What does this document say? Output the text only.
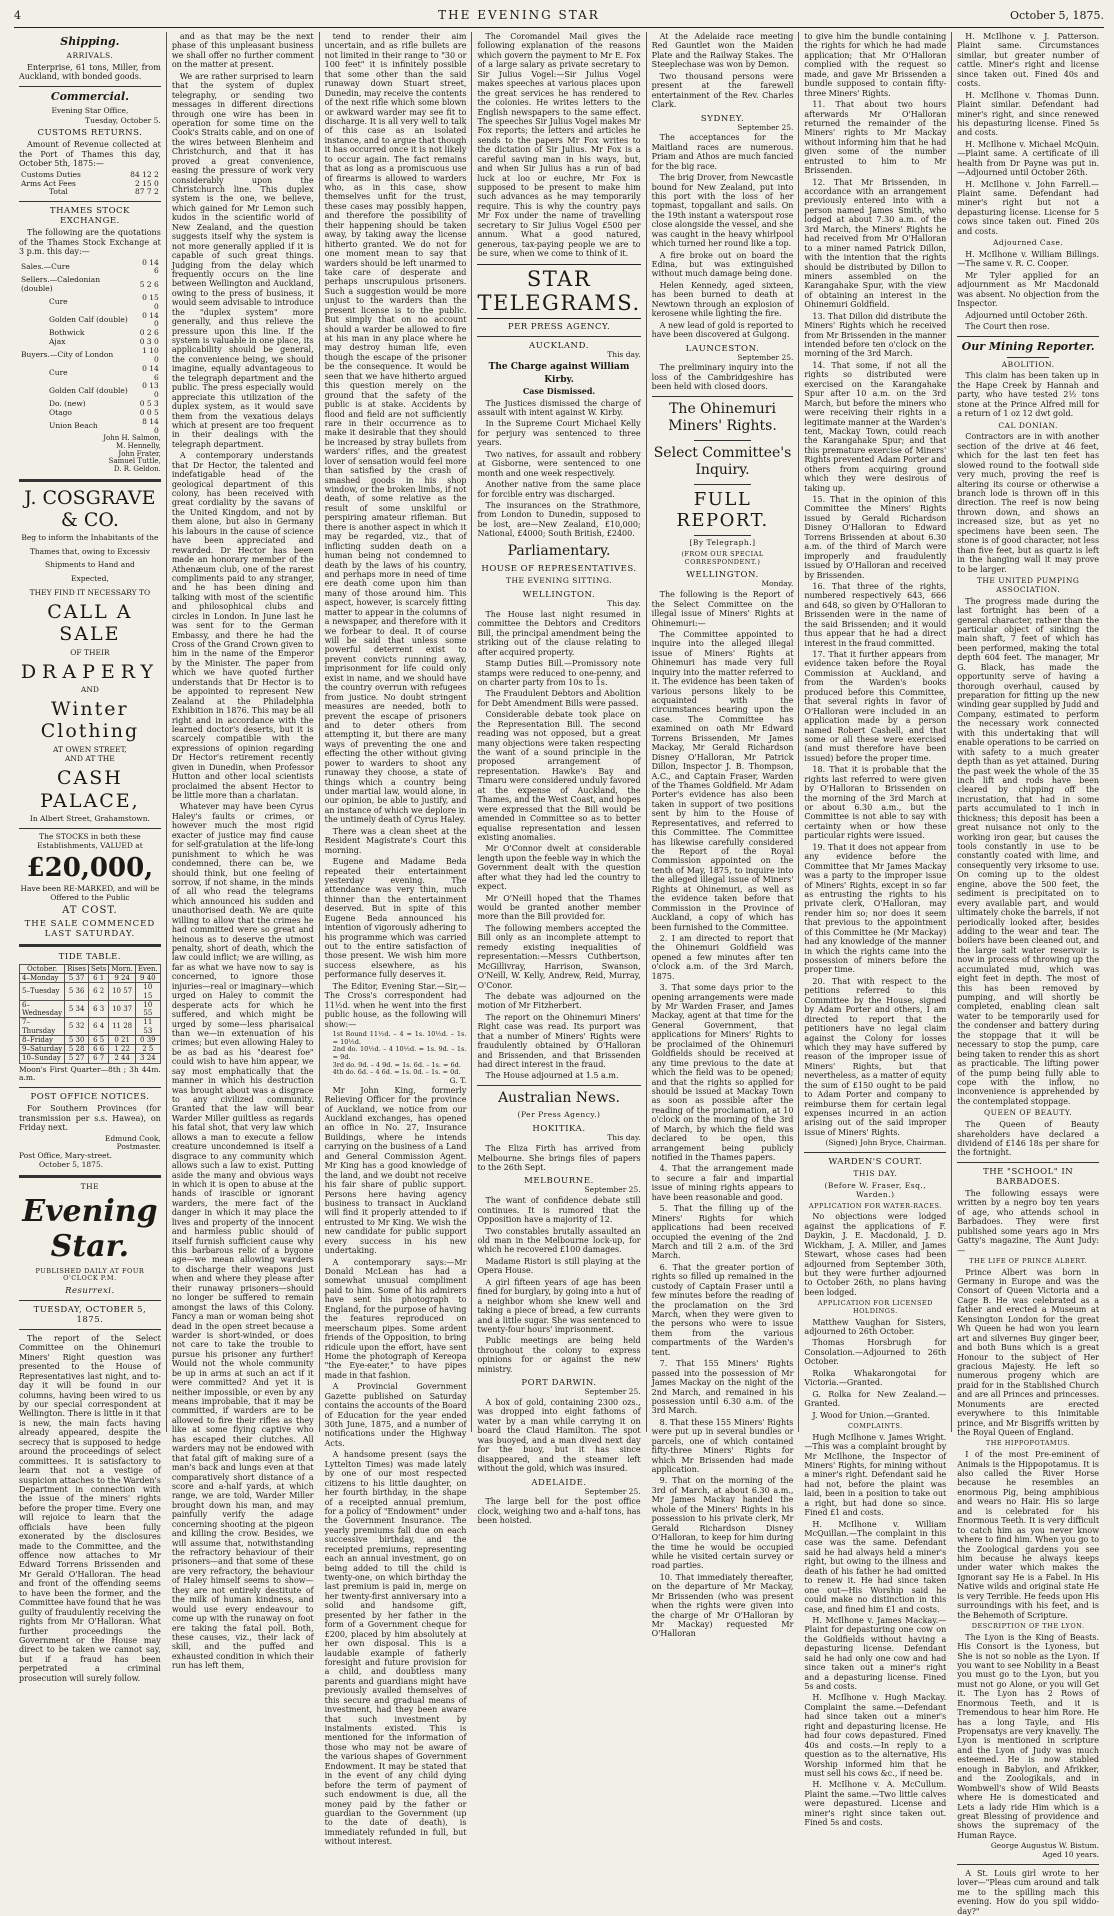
4	THE EVENING STAR	October 5, 1875.
Shipping.
ARRIVALS.

Enterprise, 61 tons, Miller, from Auckland, with bonded goods.

Commercial.
Evening Star Office,
Tuesday, October 5.
CUSTOMS RETURNS.

Amount of Revenue collected at the Port of Thames this day, October 5th, 1875:—

Customs Duties	84 12 2
Arms Act Fees	2 15 0
Total	87 7 2
THAMES STOCK EXCHANGE.

The following are the quotations of the Thames Stock Exchange at 3 p.m. this day:—

Sales.—Cure	0 14 6
Sellers.—Caledonian (double)	5 2 6
Cure	0 15 0
Golden Calf (double)	0 14 0
Bothwick	0 2 6
Ajax	0 3 0
Buyers.—City of London	1 10 0
Cure	0 14 6
Golden Calf (double)	0 13 0
Do. (new)	0 5 3
Otago	0 0 5
Union Beach	8 14 0
John H. Salmon,
M. Hennelly,
John Frater,
Samuel Tuttle,
D. R. Geldon.
J. COSGRAVE & CO.
Beg to inform the Inhabitants of the
Thames that, owing to Excessiv
Shipments to Hand and
Expected,
THEY FIND IT NECESSARY TO
CALL A SALE
OF THEIR
DRAPERY
AND
Winter Clothing
AT OWEN STREET,
AND AT THE
CASH PALACE,
In Albert Street, Grahamstown.
The STOCKS in both these Establishments, VALUED at
£20,000,
Have been RE-MARKED, and will be Offered to the Public
AT COST.
THE SALE COMMENCED LAST SATURDAY.
TIDE TABLE.
October.	Rises	Sets	Morn.	Even.
4–Monday	5 37	6 1	9 24	9 40
5–Tuesday	5 36	6 2	10 57	10 15
6–Wednesday	5 34	6 3	10 37	10 55
7–Thursday	5 32	6 4	11 28	11 53
8–Friday	5 30	6 5	0 21	0 39
9–Saturday	5 28	6 6	1 22	2 5
10–Sunday	5 27	6 7	2 44	3 24
Moon's First Quarter—8th ; 3h 44m. a.m.
POST OFFICE NOTICES.

For Southern Provinces (for transmission per s.s. Hawea), on Friday next.

Edmund Cook,
Postmaster.
Post Office, Mary-street.
October 5, 1875.
THE
Evening Star.
PUBLISHED DAILY AT FOUR O'CLOCK P.M.
Resurrexi.
TUESDAY, OCTOBER 5, 1875.

The report of the Select Committee on the Ohinemuri Miners' Right question was presented to the House of Representatives last night, and to-day it will be found in our columns, having been wired to us by our special correspondent at Wellington. There is little in it that is new, the main facts having already appeared, despite the secrecy that is supposed to hedge around the proceedings of select committees. It is satisfactory to learn that not a vestige of suspicion attaches to the Warden's Department in connection with the issue of the miners' rights before the proper time. Every one will rejoice to learn that the officials have been fully exonerated by the disclosures made to the Committee, and the offence now attaches to Mr Edward Torrens Brissenden and Mr Gerald O'Halloran. The head and front of the offending seems to have been the former, and the Committee have found that he was guilty of fraudulently receiving the rights from Mr O'Halloran. What further proceedings the Government or the House may direct to be taken we cannot say, but if a fraud has been perpetrated a criminal prosecution will surely follow.

and as that may be the next phase of this unpleasant business we shall offer no further comment on the matter at present.

We are rather surprised to learn that the system of duplex telegraphy, or sending two messages in different directions through one wire has been in operation for some time on the Cook's Straits cable, and on one of the wires between Blenheim and Christchurch, and that it has proved a great convenience, easing the pressure of work very considerably upon the Christchurch line. This duplex system is the one, we believe, which gained for Mr Lemon such kudos in the scientific world of New Zealand, and the question suggests itself why the system is not more generally applied if it is capable of such great things. Judging from the delay which frequently occurs on the line between Wellington and Auckland, owing to the press of business, it would seem advisable to introduce the "duplex system" more generally, and thus relieve the pressure upon this line. If the system is valuable in one place, its applicability should be general, the convenience being, we should imagine, equally advantageous to the telegraph department and the public. The press especially would appreciate this utilization of the duplex system, as it would save them from the vexatious delays which at present are too frequent in their dealings with the telegraph department.

A contemporary understands that Dr Hector, the talented and indefatigable head of the geological department of this colony, has been received with great cordiality by the savans of the United Kingdom, and not by them alone, but also in Germany his labours in the cause of science have been appreciated and rewarded. Dr Hector has been made an honorary member of the Athenæum club, one of the rarest compliments paid to any stranger, and he has been dining and talking with most of the scientific and philosophical clubs and circles in London. In June last he was sent for to the German Embassy, and there he had the Cross of the Grand Crown given to him in the name of the Emperor by the Minister. The paper from which we have quoted further understands that Dr Hector is to be appointed to represent New Zealand at the Philadelphia Exhibition in 1876. This may be all right and in accordance with the learned doctor's deserts, but it is scarcely compatible with the expressions of opinion regarding Dr Hector's retirement recently given in Dunedin, when Professor Hutton and other local scientists proclaimed the absent Hector to be little more than a charlatan.

Whatever may have been Cyrus Haley's faults or crimes, or however much the most rigid exacter of justice may find cause for self-gratulation at the life-long punishment to which he was condemned, there can be, we should think, but one feeling of sorrow, if not shame, in the minds of all who read the telegrams which announced his sudden and unauthorised death. We are quite willing to allow that the crimes he had committed were so great and heinous as to deserve the utmost penalty, short of death, which the law could inflict; we are willing, as far as what we have now to say is concerned, to ignore those injuries—real or imaginary—which urged on Haley to commit the desperate acts for which he suffered, and which might be urged by some—less pharisaical than we—in extenuation of his crimes; but even allowing Haley to be as bad as his "dearest foe" could wish to have him appear, we say most emphatically that the manner in which his destruction was brought about was a disgrace to any civilized community. Granted that the law will bear Warder Miller guiltless as regards his fatal shot, that very law which allows a man to execute a fellow creature uncondemned is itself a disgrace to any community which allows such a law to exist. Putting aside the many and obvious ways in which it is open to abuse at the hands of irascible or ignorant warders, the mere fact of the danger in which it may place the lives and property of the innocent and harmless public should of itself furnish sufficient cause why this barbarous relic of a bygone age—we mean allowing warders to discharge their weapons just when and where they please after their runaway prisoners—should no longer be suffered to remain amongst the laws of this Colony. Fancy a man or woman being shot dead in the open street because a warder is short-winded, or does not care to take the trouble to pursue his prisoner any further! Would not the whole community be up in arms at such an act if it were committed? And yet it is neither impossible, or even by any means improbable, that it may be committed, if warders are to be allowed to fire their rifles as they like at some flying captive who has escaped their clutches. All warders may not be endowed with that fatal gift of making sure of a man's back and lungs even at that comparatively short distance of a score and a-half yards, at which range, we are told, Warder Miller brought down his man, and may painfully verify the adage concerning shooting at the pigeon and killing the crow. Besides, we will assume that, notwithstanding the refractory behaviour of their prisoners—and that some of these are very refractory, the behaviour of Haley himself seems to show—they are not entirely destitute of the milk of human kindness, and would use every endeavour to come up with the runaway on foot ere taking the fatal poll. Both, these causes, viz., their lack of skill, and the puffed and exhausted condition in which their run has left them,

tend to render their aim uncertain, and as rifle bullets are not limited in their range to "30 or 100 feet" it is infinitely possible that some other than the said runaway down Stuart street, Dunedin, may receive the contents of the next rifle which some blown or awkward warder may see fit to discharge. It is all very well to talk of this case as an isolated instance, and to argue that though it has occurred once it is not likely to occur again. The fact remains that as long as a promiscuous use of firearms is allowed to warders who, as in this case, show themselves unfit for the trust, these cases may possibly happen, and therefore the possibility of their happening should be taken away, by taking away the license hitherto granted. We do not for one moment mean to say that warders should be left unarmed to take care of desperate and perhaps unscrupulous prisoners. Such a suggestion would be more unjust to the warders than the present license is to the public. But simply that on no account should a warder be allowed to fire at his man in any place where he may destroy human life, even though the escape of the prisoner be the consequence. It would be seen that we have hitherto argued this question merely on the ground that the safety of the public is at stake. Accidents by flood and field are not sufficiently rare in their occurrence as to make it desirable that they should be increased by stray bullets from warders' rifles, and the greatest lover of sensation would feel more than satisfied by the crash of smashed goods in his shop window, or the broken limbs, if not death, of some relative as the result of some unskilful or perspiring amateur rifleman. But there is another aspect in which it may be regarded, viz., that of inflicting sudden death on a human being not condemned to death by the laws of his country, and perhaps more in need of time ere death come upon him than many of those around him. This aspect, however, is scarcely fitting matter to appear in the columns of a newspaper, and therefore with it we forbear to deal. It of course will be said that unless some powerful deterrent exist to prevent convicts running away, imprisonment for life could only exist in name, and we should have the country overrun with refugees from justice. No doubt stringent measures are needed, both to prevent the escape of prisoners and to deter others from attempting it, but there are many ways of preventing the one and effecting the other without giving power to warders to shoot any runaway they choose, a state of things which a country being under martial law, would alone, in our opinion, be able to justify, and an instance of which we deplore in the untimely death of Cyrus Haley.

There was a clean sheet at the Resident Magistrate's Court this morning.

Eugene and Madame Beda repeated their entertainment yesterday evening. The attendance was very thin, much thinner than the entertainment deserved. But in spite of this Eugene Beda announced his intention of vigorously adhering to his programme which was carried out to the entire satisfaction of those present. We wish him more success elsewhere, as his performance fully deserves it.

The Editor, Evening Star.—Sir,—The Cross's correspondent had 11½d. when he went into the first public house, as the following will show:—

1st Round 11½d. – 4 = 1s. 10½d. – 1s. = 10½d.
2nd do. 10½d. – 4 10½d. = 1s. 9d. – 1s. = 9d.
3rd do. 9d. – 4 9d. = 1s. 6d. – 1s. = 6d.
4th do. 6d. – 4 6d. = 1s. 0d. – 1s. = 0d.
G. T.

Mr John King, formerly Relieving Officer for the province of Auckland, we notice from our Auckland exchanges, has opened an office in No. 27, Insurance Buildings, where he intends carrying on the business of a Land and General Commission Agent. Mr King has a good knowledge of the land, and we doubt not receive his fair share of public support. Persons here having agency business to transact in Auckland will find it properly attended to if entrusted to Mr King. We wish the new candidate for public support every success in his new undertaking.

A contemporary says:—Mr Donald McLean has had a somewhat unusual compliment paid to him. Some of his admirers have sent his photograph to England, for the purpose of having the features reproduced on meerschaum pipes. Some ardent friends of the Opposition, to bring ridicule upon the effort, have sent Home the photograph of Kereopa "the Eye-eater," to have pipes made in that fashion.

A Provincial Government Gazette published on Saturday contains the accounts of the Board of Education for the year ended 30th June, 1875, and a number of notifications under the Highway Acts.

A handsome present (says the Lyttelton Times) was made lately by one of our most respected citizens to his little daughter, on her fourth birthday, in the shape of a receipted annual premium, for a policy of "Endowment" under the Government Insurance. The yearly premiums fall due on each successive birthday, and the receipted premiums, representing each an annual investment, go on being added to till the child is twenty-one, on which birthday the last premium is paid in, merge on her twenty-first anniversary into a solid and handsome gift, presented by her father in the form of a Government cheque for £200, placed by him absolutely at her own disposal. This is a laudable example of fatherly foresight and future provision for a child, and doubtless many parents and guardians might have previously availed themselves of this secure and gradual means of investment, had they been aware that such investment by instalments existed. This is mentioned for the information of those who may not be aware of the various shapes of Government Endowment. It may be stated that in the event of any child dying before the term of payment of such endowment is due, all the money paid by the father or guardian to the Government (up to the date of death), is immediately refunded in full, but without interest.

The Coromandel Mail gives the following explanation of the reasons which govern the payment to Mr E. Fox of a large salary as private secretary to Sir Julius Vogel:—Sir Julius Vogel makes speeches at various places upon the great services he has rendered to the colonies. He writes letters to the English newspapers to the same effect. The speeches Sir Julius Vogel makes Mr Fox reports; the letters and articles he sends to the papers Mr Fox writes to the dictation of Sir Julius. Mr Fox is a careful saving man in his ways, but, and when Sir Julius has a run of bad luck at loo or euchre, Mr Fox is supposed to be present to make him such advances as he may temporarily require. This is why the country pays Mr Fox under the name of travelling secretary to Sir Julius Vogel £500 per annum. What a good natured, generous, tax-paying people we are to be sure, when we come to think of it.

STAR TELEGRAMS.
PER PRESS AGENCY.
AUCKLAND.
This day.
The Charge against William
Kirby.
Case Dismissed.

The Justices dismissed the charge of assault with intent against W. Kirby.

In the Supreme Court Michael Kelly for perjury was sentenced to three years.

Two natives, for assault and robbery at Gisborne, were sentenced to one month and one week respectively.

Another native from the same place for forcible entry was discharged.

The insurances on the Strathmore, from London to Dunedin, supposed to be lost, are—New Zealand, £10,000; National, £4000; South British, £2400.

Parliamentary.
HOUSE OF REPRESENTATIVES.
THE EVENING SITTING.
WELLINGTON.
This day.

The House last night resumed in committee the Debtors and Creditors Bill, the principal amendment being the striking out of the clause relating to after acquired property.

Stamp Duties Bill.—Promissory note stamps were reduced to one-penny, and on charter party from 10s to 1s.

The Fraudulent Debtors and Abolition for Debt Amendment Bills were passed.

Considerable debate took place on the Representation Bill. The second reading was not opposed, but a great many objections were taken respecting the want of a sound principle in the proposed arrangement of representation. Hawke's Bay and Timaru were considered unduly favored at the expense of Auckland, the Thames, and the West Coast, and hopes were expressed that the Bill would be amended in Committee so as to better equalise representation and lessen existing anomalies.

Mr O'Connor dwelt at considerable length upon the feeble way in which the Government dealt with the question after what they had led the country to expect.

Mr O'Neill hoped that the Thames would be granted another member more than the Bill provided for.

The following members accepted the Bill only as an incomplete attempt to remedy existing inequalities of representation:—Messrs Cuthbertson, McGillivray, Harrison, Swanson, O'Neill, W. Kelly, Andrew, Reid, Murray, O'Conor.

The debate was adjourned on the motion of Mr Fitzherbert.

The report on the Ohinemuri Miners' Right case was read. Its purport was that a number of Miners' Rights were fraudulently obtained by O'Halloran and Brissenden, and that Brissenden had direct interest in the fraud.

The House adjourned at 1.5 a.m.

Australian News.
(Per Press Agency.)
HOKITIKA.
This day.

The Eliza Firth has arrived from Melbourne. She brings files of papers to the 26th Sept.

MELBOURNE.
September 25.

The want of confidence debate still continues. It is rumored that the Opposition have a majority of 12.

Two constables brutally assaulted an old man in the Melbourne lock-up, for which he recovered £100 damages.

Madame Ristori is still playing at the Opera House.

A girl fifteen years of age has been fined for burglary, by going into a hut of a neighbor whom she knew well and taking a piece of bread, a few currants and a little sugar. She was sentenced to twenty-four hours' imprisonment.

Public meetings are being held throughout the colony to express opinions for or against the new ministry.

PORT DARWIN.
September 25.

A box of gold, containing 2300 ozs., was dropped into eight fathoms of water by a man while carrying it on board the Claud Hamilton. The spot was buoyed, and a man dived next day for the buoy, but it has since disappeared, and the steamer left without the gold, which was insured.

ADELAIDE.
September 25.

The large bell for the post office clock, weighing two and a-half tons, has been hoisted.

At the Adelaide race meeting Red Gauntlet won the Maiden Plate and the Railway Stakes. The Steeplechase was won by Demon.

Two thousand persons were present at the farewell entertainment of the Rev. Charles Clark.

SYDNEY.
September 25.

The acceptances for the Maitland races are numerous. Priam and Athos are much fancied for the big race.

The brig Drover, from Newcastle bound for New Zealand, put into this port with the loss of her topmast, topgallant and sails. On the 19th instant a waterspout rose close alongside the vessel, and she was caught in the heavy whirlpool which turned her round like a top.

A fire broke out on board the Edina, but was extinguished without much damage being done.

Helen Kennedy, aged sixteen, has been burned to death at Newtown through an explosion of kerosene while lighting the fire.

A new lead of gold is reported to have been discovered at Gulgong.

LAUNCESTON.
September 25.

The preliminary inquiry into the loss of the Cambridgeshire has been held with closed doors.

The Ohinemuri Miners' Rights.
Select Committee's Inquiry.
FULL REPORT.
[By Telegraph.]
(FROM OUR SPECIAL CORRESPONDENT.)
WELLINGTON.
Monday.

The following is the Report of the Select Committee on the illegal issue of Miners' Rights at Ohinemuri:—

The Committee appointed to inquire into the alleged illegal issue of Miners' Rights at Ohinemuri has made very full inquiry into the matter referred to it. The evidence has been taken of various persons likely to be acquainted with the circumstances bearing upon the case. The Committee has examined on oath Mr Edward Torrens Brissenden, Mr James Mackay, Mr Gerald Richardson Disney O'Halloran, Mr Patrick Dillon, Inspector J. B. Thompson, A.C., and Captain Fraser, Warden of the Thames Goldfield. Mr Adam Porter's evidence has also been taken in support of two positions sent by him to the House of Representatives, and referred to this Committee. The Committee has likewise carefully considered the Report of the Royal Commission appointed on the tenth of May, 1875, to inquire into the alleged illegal issue of Miners' Rights at Ohinemuri, as well as the evidence taken before that Commission in the Province of Auckland, a copy of which has been furnished to the Committee.

2. I am directed to report that the Ohinemuri Goldfield was opened a few minutes after ten o'clock a.m. of the 3rd March, 1875.

3. That some days prior to the opening arrangements were made by Mr Warden Fraser, and James Mackay, agent at that time for the General Government, that applications for Miners' Rights to be proclaimed of the Ohinemuri Goldfields should be received at any time previous to the date at which the field was to be opened; and that the rights so applied for should be issued at Mackay Town as soon as possible after the reading of the proclamation, at 10 o'clock on the morning of the 3rd of March, by which the field was declared to be open, this arrangement being publicly notified in the Thames papers.

4. That the arrangement made to secure a fair and impartial issue of mining rights appears to have been reasonable and good.

5. That the filling up of the Miners' Rights for which applications had been received occupied the evening of the 2nd March and till 2 a.m. of the 3rd March.

6. That the greater portion of rights so filled up remained in the custody of Captain Fraser until a few minutes before the reading of the proclamation on the 3rd March, when they were given to the persons who were to issue them from the various compartments of the Warden's tent.

7. That 155 Miners' Rights passed into the possession of Mr James Mackay on the night of the 2nd March, and remained in his possession until 6.30 a.m. of the 3rd March.

8. That these 155 Miners' Rights were put up in several bundles or parcels, one of which contained fifty-three Miners' Rights for which Mr Brissenden had made application.

9. That on the morning of the 3rd of March, at about 6.30 a.m., Mr James Mackay handed the whole of the Miners' Rights in his possession to his private clerk, Mr Gerald Richardson Disney O'Halloran, to keep for him during the time he would be occupied while he visited certain survey or road parties.

10. That immediately thereafter, on the departure of Mr Mackay, Mr Brissenden (who was present when the rights were given into the charge of Mr O'Halloran by Mr Mackay) requested Mr O'Halloran

to give him the bundle containing the rights for which he had made application; that Mr O'Halloran complied with the request so made, and gave Mr Brissenden a bundle supposed to contain fifty-three Miners' Rights.

11. That about two hours afterwards Mr O'Halloran returned the remainder of the Miners' rights to Mr Mackay without informing him that he had given some of the number entrusted to him to Mr Brissenden.

12. That Mr Brissenden, in accordance with an arrangement previously entered into with a person named James Smith, who lodged at about 7.30 a.m. of the 3rd March, the Miners' Rights he had received from Mr O'Halloran to a miner named Patrick Dillon, with the intention that the rights should be distributed by Dillon to miners assembled on the Karangahake Spur, with the view of obtaining an interest in the Ohinemuri Goldfield.

13. That Dillon did distribute the Miners' Rights which he received from Mr Brissenden in the manner intended before ten o'clock on the morning of the 3rd March.

14. That some, if not all the rights so distributed were exercised on the Karangahake Spur after 10 a.m. on the 3rd March, but before the miners who were receiving their rights in a legitimate manner at the Warden's tent, Mackay Town, could reach the Karangahake Spur; and that this premature exercise of Miners' Rights prevented Adam Porter and others from acquiring ground which they were desirous of taking up.

15. That in the opinion of this Committee the Miners' Rights issued by Gerald Richardson Disney O'Halloran to Edward Torrens Brissenden at about 6.30 a.m. of the third of March were improperly and fraudulently issued by O'Halloran and received by Brissenden.

16. That three of the rights, numbered respectively 643, 666 and 648, so given by O'Halloran to Brissenden were in the name of the said Brissenden; and it would thus appear that he had a direct interest in the fraud committed.

17. That it further appears from evidence taken before the Royal Commission at Auckland, and from the Warden's books produced before this Committee, that several rights in favor of O'Halloran were included in an application made by a person named Robert Cashell, and that some or all these were exercised (and must therefore have been issued) before the proper time.

18. That it is probable that the rights last referred to were given by O'Halloran to Brissenden on the morning of the 3rd March at or about 6.30 a.m., but the Committee is not able to say with certainty when or how these particular rights were issued.

19. That it does not appear from any evidence before the Committee that Mr James Mackay was a party to the improper issue of Miners' Rights, except in so far as entrusting the rights to his private clerk, O'Halloran, may render him so; nor does it seem that previous to the appointment of this Committee he (Mr Mackay) had any knowledge of the manner in which the rights came into the possession of miners before the proper time.

20. That with respect to the petitions referred to this Committee by the House, signed by Adam Porter and others, I am directed to report that the petitioners have no legal claim against the Colony for losses which they may have suffered by reason of the improper issue of Miners' Rights, but that nevertheless, as a matter of equity the sum of £150 ought to be paid to Adam Porter and company to reimburse them for certain legal expenses incurred in an action arising out of the said improper issue of Miners' Rights.

(Signed) John Bryce, Chairman.
WARDEN'S COURT.
THIS DAY.
(Before W. Fraser, Esq., Warden.)
APPLICATION FOR WATER-RACES.

No objections were lodged against the applications of F. Daykin, J. E. Macdonald, J. D. Wickham, J. A. Miller, and James Stewart, whose cases had been adjourned from September 30th, but they were further adjourned to October 26th, no plans having been lodged.

APPLICATION FOR LICENSED HOLDINGS.

Matthew Vaughan for Sisters, adjourned to 26th October.

Thomas Horsbrugh for Consolation.—Adjourned to 26th October.

Rolka Whakarongotai for Victoria.—Granted.

G. Rolka for New Zealand.—Granted.

J. Wood for Union.—Granted.

COMPLAINTS.

Hugh McIlhone v. James Wright.—This was a complaint brought by Mr McIlhone, the Inspector of Miners' Rights, for mining without a miner's right. Defendant said he had not, before the plaint was laid, been in a position to take out a right, but had done so since. Fined £1 and costs.

H. McIlhone v. William McQuillan.—The complaint in this case was the same. Defendant said he had always held a miner's right, but owing to the illness and death of his father he had omitted to renew it. He had since taken one out—His Worship said he could make no distinction in this case, and fined him £1 and costs.

H. McIlhone v. James Mackay.—Plaint for depasturing one cow on the Goldfields without having a depasturing license. Defendant said he had only one cow and had since taken out a miner's right and a depasturing license. Fined 5s and costs.

H. McIlhone v. Hugh Mackay. Complaint the same.—Defendant had since taken out a miner's right and depasturing license. He had four cows depastured. Fined 40s and costs.—In reply to a question as to the alternative, His Worship informed him that he must sell his cows &c., if need be.

H. McIlhone v. A. McCullum. Plaint the same.—Two little calves were depastured. License and miner's right since taken out. Fined 5s and costs.

H. McIlhone v. J. Patterson. Plaint same. Circumstances similar, but greater number of cattle. Miner's right and license since taken out. Fined 40s and costs.

H. McIlhone v. Thomas Dunn. Plaint similar. Defendant had miner's right, and since renewed his depasturing license. Fined 5s and costs.

H. McIlhone v. Michael McQuin.—Plaint same. A certificate of ill health from Dr Payne was put in.—Adjourned until October 26th.

H. McIlhone v. John Farrell.—Plaint same. Defendant had miner's right but not a depasturing license. License for 5 cows since taken out. Fined 20s and costs.

Adjourned Case.

H. McIlhone v. William Billings.—The same v. R. C. Cooper.

Mr Tyler applied for an adjournment as Mr Macdonald was absent. No objection from the Inspector.

Adjourned until October 26th.

The Court then rose.

Our Mining Reporter.
ABOLITION.

This claim has been taken up in the Hape Creek by Hannah and party, who have tested 2½ tons stone at the Prince Alfred mill for a return of 1 oz 12 dwt gold.

CAL DONIAN.

Contractors are in with another section of the drive at 46 feet, which for the last ten feet has slowed round to the footwall side very much, proving the reef is altering its course or otherwise a branch lode is thrown off in this direction. The reef is now being thrown down, and shows an increased size, but as yet no specimens have been seen. The stone is of good character, not less than five feet, but as quartz is left in the hanging wall it may prove to be larger.

THE UNITED PUMPING ASSOCIATION.

The progress made during the last fortnight has been of a general character, rather than the particular object of sinking the main shaft, 7 feet of which has been performed, making the total depth 604 feet. The manager, Mr G. Black, has made the opportunity serve of having a thorough overhaul, caused by preparation for fitting up the new winding gear supplied by Judd and Company, estimated to perform the necessary work connected with this undertaking that will enable operations to be carried on with safety to a much greater depth than as yet attained. During the past week the whole of the 35 inch lift and rods have been cleared by chipping off the incrustation, that had in some parts accumulated to 1 inch in thickness; this deposit has been a great nuisance not only to the working iron gear, but causes the tools constantly in use to be constantly coated with lime, and consequently very irksome to use. On coming up to the oldest engine, above the 500 feet, the sediment is precipitated on to every available part, and would ultimately choke the barrels, if not periodically looked after, besides adding to the wear and tear. The boilers have been cleaned out, and the large salt water reservoir is now in process of throwing up the accumulated mud, which was eight feet in depth. The most of this has been removed by pumping, and will shortly be completed, enabling clean salt water to be temporarily used for the condenser and battery during the stoppage that it will be necessary to stop the pump, care being taken to render this as short as practicable. The lifting power of the pump being fully able to cope with the inflow, no inconvenience is apprehended by the contemplated stoppage.

QUEEN OF BEAUTY.

The Queen of Beauty shareholders have declared a dividend of £146 18s per share for the fortnight.

THE "SCHOOL" IN BARBADOES.

The following essays were written by a negro boy ten years of age, who attends school in Barbadoes. They were first published some years ago in Mrs Gatty's magazine, The Aunt Judy:—

THE LIFE OF PRINCE ALBERT.

Prince Albert was born in Germany in Europe and was the Consort of Queen Victoria and a Cage B. He was celebrated as a father and erected a Museum at Kensington London for the great Wh Queen he had won you learn art and silvernes Buy ginger beer, and both Buns which is a great Honour to the subject of Her gracious Majesty. He left so numerous progeny which are praid for in the Stablished Church and are all Princes and princesses. Monuments are erected everywhere to this Inimitable prince, and Mr Bisgriffs written by the Royal Queen of England.

THE HIPPOPOTAMUS.

I of the most Pre-eminent of Animals is the Hippopotamus. It is also called the River Horse because he resembles an enormous Pig, being amphibious and wears no Hair. His so large and is celebrated for his Enormous Teeth. It is very difficult to catch him as you never know where to find him. When you go to the Zoological gardens you see him because he always keeps under water which makes the Ignorant say He is a Fabel. In His Native wilds and original state He is very Terrible. He feeds upon His surroundings with his feet, and is the Behemoth of Scripture.

DESCRIPTION OF THE LYON.

The Lyon is the King of Beasts. His Consort is the Lyoness, but She is not so noble as the Lyon. If you want to see Nobility in a Beast you must go to the Lyon, but you must not go Alone, or you will Get it. The Lyon has 2 Rows of Enormous Teeth, and it is Tremendous to hear him Rore. He has a long Tayle, and His Propensatys are very knavelly. The Lyon is mentioned in scripture and the Lyon of Judy was much esteemed. He is now stabled enough in Babylon, and Afrikker, and the Zoologikals, and in Wombwell's show of Wild Beasts where He is domesticated and Lets a lady ride Him which is a great Blessing of providence and shows the supremacy of the Human Rayce.

George Augustus W. Bistum.
Aged 10 years.

A St. Louis girl wrote to her lover—"Pleas cum around and talk me to the spilling mach this evening. How do you spil widdo-day?"
